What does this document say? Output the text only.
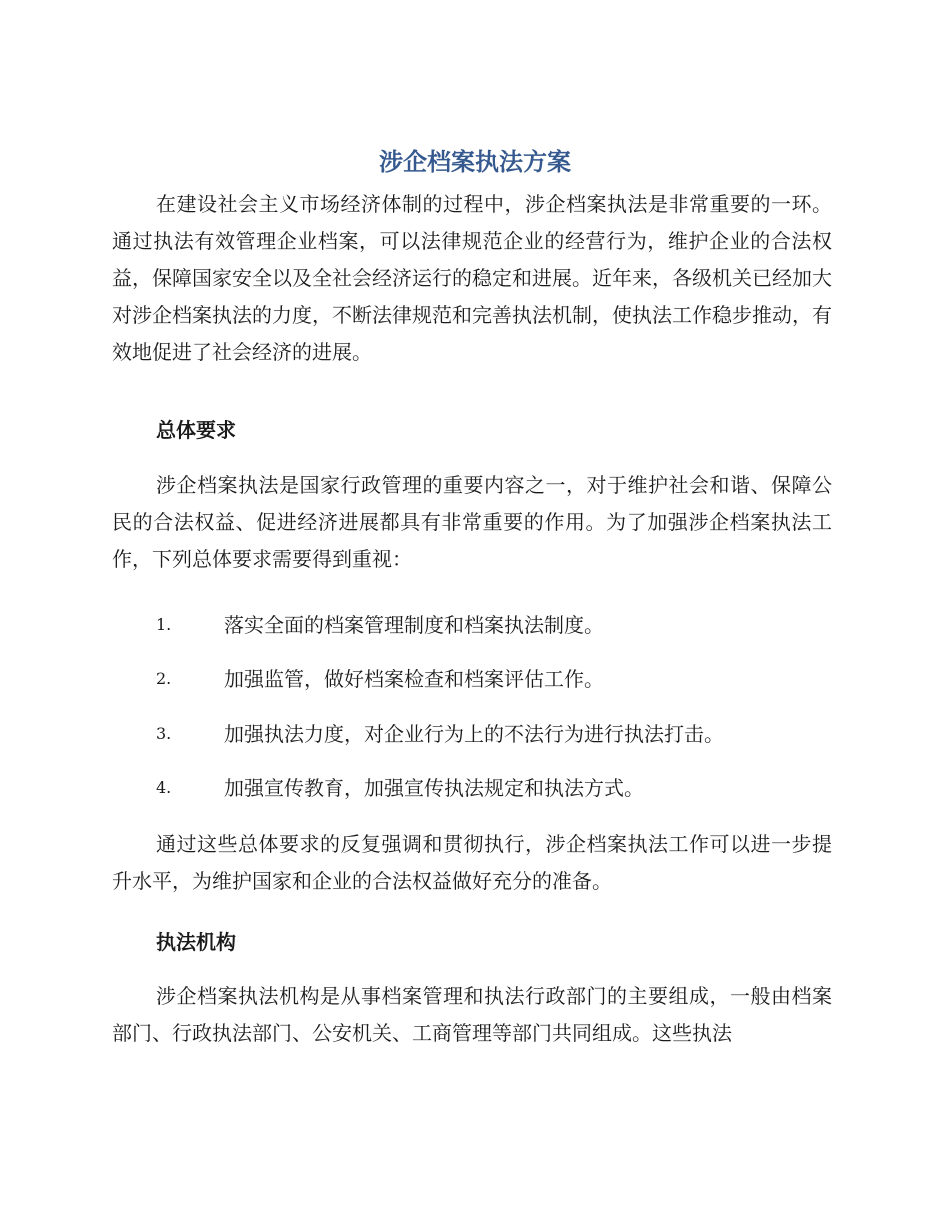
涉企档案执法方案

在建设社会主义市场经济体制的过程中，涉企档案执法是非常重要的一环。通过执法有效管理企业档案，可以法律规范企业的经营行为，维护企业的合法权益，保障国家安全以及全社会经济运行的稳定和进展。近年来，各级机关已经加大对涉企档案执法的力度，不断法律规范和完善执法机制，使执法工作稳步推动，有效地促进了社会经济的进展。

总体要求

涉企档案执法是国家行政管理的重要内容之一，对于维护社会和谐、保障公民的合法权益、促进经济进展都具有非常重要的作用。为了加强涉企档案执法工作，下列总体要求需要得到重视：

1.	落实全面的档案管理制度和档案执法制度。
2.	加强监管，做好档案检查和档案评估工作。
3.	加强执法力度，对企业行为上的不法行为进行执法打击。
4.	加强宣传教育，加强宣传执法规定和执法方式。

通过这些总体要求的反复强调和贯彻执行，涉企档案执法工作可以进一步提升水平，为维护国家和企业的合法权益做好充分的准备。

执法机构

涉企档案执法机构是从事档案管理和执法行政部门的主要组成，一般由档案部门、行政执法部门、公安机关、工商管理等部门共同组成。这些执法
